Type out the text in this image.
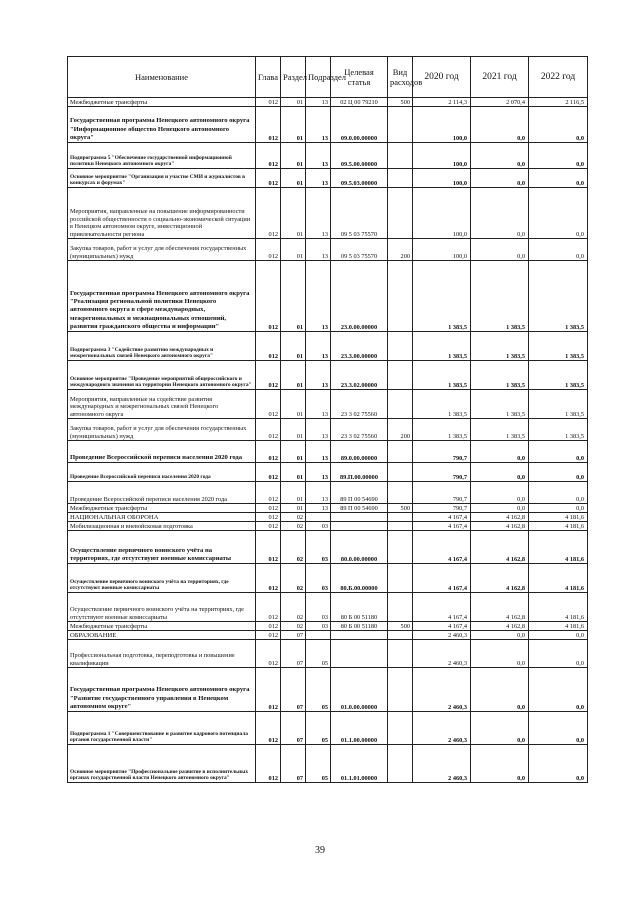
Наименование	Глава	Раздел	Подраздел	Целевая статья	Вид расходов	2020 год	2021 год	2022 год
Межбюджетные трансферты	012	01	13	02 Ц 00 79210	500	2 114,3	2 070,4	2 116,5
Государственная программа Ненецкого автономного округа "Информационное общество Ненецкого автономного округа"	012	01	13	09.0.00.00000		100,0	0,0	0,0
Подпрограмма 5 "Обеспечение государственной информационной политики Ненецкого автономного округа"	012	01	13	09.5.00.00000		100,0	0,0	0,0
Основное мероприятие "Организация и участие СМИ и журналистов в конкурсах и форумах"	012	01	13	09.5.03.00000		100,0	0,0	0,0
Мероприятия, направленные на повышение информированности российской общественности о социально-экономической ситуации в Ненецком автономном округе, инвестиционной привлекательности региона	012	01	13	09 5 03 75570		100,0	0,0	0,0
Закупка товаров, работ и услуг для обеспечения государственных (муниципальных) нужд	012	01	13	09 5 03 75570	200	100,0	0,0	0,0
Государственная программа Ненецкого автономного округа "Реализация региональной политики Ненецкого автономного округа в сфере международных, межрегиональных и межнациональных отношений, развития гражданского общества и информации"	012	01	13	23.0.00.00000		1 383,5	1 383,5	1 383,5
Подпрограмма 3 "Содействие развитию международных и межрегиональных связей Ненецкого автономного округа"	012	01	13	23.3.00.00000		1 383,5	1 383,5	1 383,5
Основное мероприятие "Проведение мероприятий общероссийского и международного значения на территории Ненецкого автономного округа"	012	01	13	23.3.02.00000		1 383,5	1 383,5	1 383,5
Мероприятия, направленные на содействие развития международных и межрегиональных связей Ненецкого автономного округа	012	01	13	23 3 02 75560		1 383,5	1 383,5	1 383,5
Закупка товаров, работ и услуг для обеспечения государственных (муниципальных) нужд	012	01	13	23 3 02 75560	200	1 383,5	1 383,5	1 383,5
Проведение Всероссийской переписи населения 2020 года	012	01	13	89.0.00.00000		790,7	0,0	0,0
Проведение Всероссийской переписи населения 2020 года	012	01	13	89.П.00.00000		790,7	0,0	0,0
Проведение Всероссийской переписи населения 2020 года	012	01	13	89 П 00 54690		790,7	0,0	0,0
Межбюджетные трансферты	012	01	13	89 П 00 54690	500	790,7	0,0	0,0
НАЦИОНАЛЬНАЯ ОБОРОНА	012	02				4 167,4	4 162,8	4 181,6
Мобилизационная и вневойсковая подготовка	012	02	03			4 167,4	4 162,8	4 181,6
Осуществление первичного воинского учёта на территориях, где отсутствуют военные комиссариаты	012	02	03	80.0.00.00000		4 167,4	4 162,8	4 181,6
Осуществление первичного воинского учёта на территориях, где отсутствуют военные комиссариаты	012	02	03	80.Б.00.00000		4 167,4	4 162,8	4 181,6
Осуществление первичного воинского учёта на территориях, где отсутствуют военные комиссариаты	012	02	03	80 Б 00 51180		4 167,4	4 162,8	4 181,6
Межбюджетные трансферты	012	02	03	80 Б 00 51180	500	4 167,4	4 162,8	4 181,6
ОБРАЗОВАНИЕ	012	07				2 460,3	0,0	0,0
Профессиональная подготовка, переподготовка и повышение квалификации	012	07	05			2 460,3	0,0	0,0
Государственная программа Ненецкого автономного округа "Развитие государственного управления в Ненецком автономном округе"	012	07	05	01.0.00.00000		2 460,3	0,0	0,0
Подпрограмма 1 "Совершенствование и развитие кадрового потенциала органов государственной власти"	012	07	05	01.1.00.00000		2 460,3	0,0	0,0
Основное мероприятие "Профессиональное развитие в исполнительных органах государственной власти Ненецкого автономного округа"	012	07	05	01.1.01.00000		2 460,3	0,0	0,0
39
